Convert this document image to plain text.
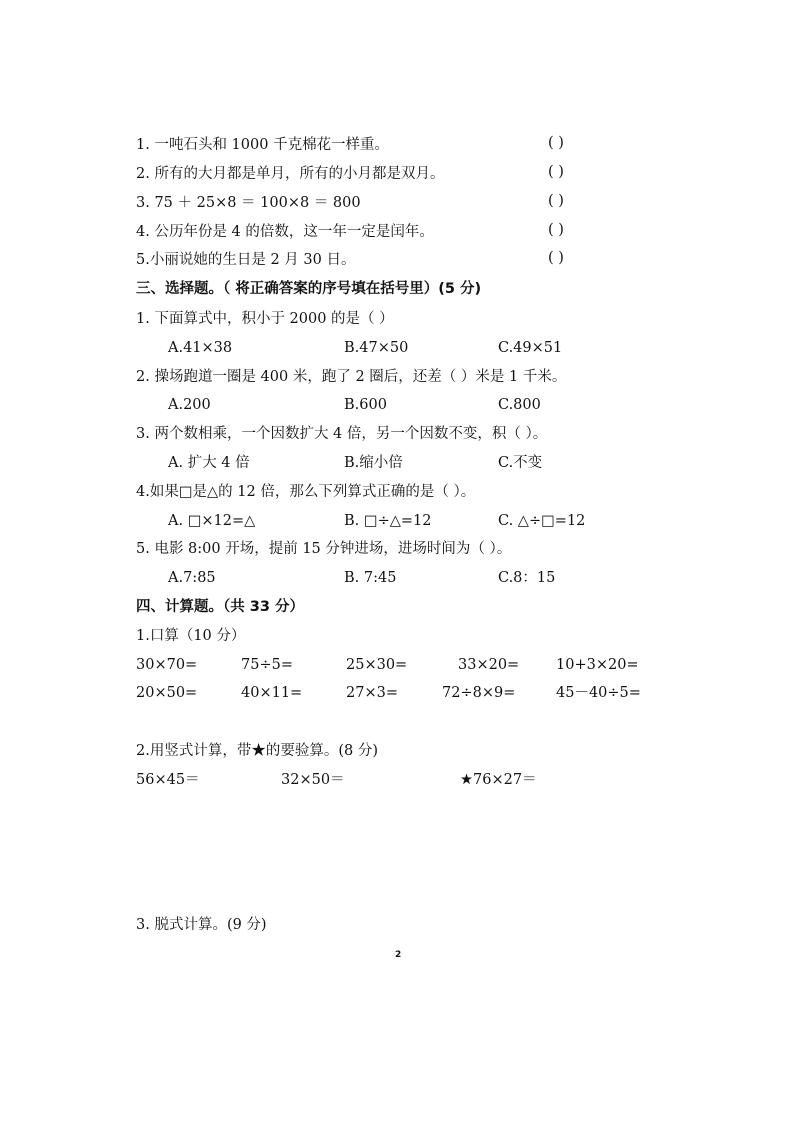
1. 一吨石头和 1000 千克棉花一样重。	( )
2. 所有的大月都是单月，所有的小月都是双月。	( )
3. 75 ＋ 25×8 ＝ 100×8 ＝ 800	( )
4. 公历年份是 4 的倍数，这一年一定是闰年。	( )
5.小丽说她的生日是 2 月 30 日。	( )
三、选择题。（ 将正确答案的序号填在括号里）(5 分)
1. 下面算式中，积小于 2000 的是（ ）
A.41×38	B.47×50	C.49×51
2. 操场跑道一圈是 400 米，跑了 2 圈后，还差（ ）米是 1 千米。
A.200	B.600	C.800
3. 两个数相乘，一个因数扩大 4 倍，另一个因数不变，积（ ）。
A. 扩大 4 倍	B.缩小倍	C.不变
4.如果□是△的 12 倍，那么下列算式正确的是（ ）。
A. □×12=△	B. □÷△=12	C. △÷□=12
5. 电影 8:00 开场，提前 15 分钟进场，进场时间为（ ）。
A.7:85	B. 7:45	C.8：15
四、计算题。（共 33 分）
1.口算（10 分）
30×70=	75÷5=	25×30=	33×20=	10+3×20=
20×50=	40×11=	27×3=	72÷8×9=	45－40÷5=
2.用竖式计算，带★的要验算。(8 分)
56×45＝	32×50＝	★76×27＝
3. 脱式计算。(9 分)
2
